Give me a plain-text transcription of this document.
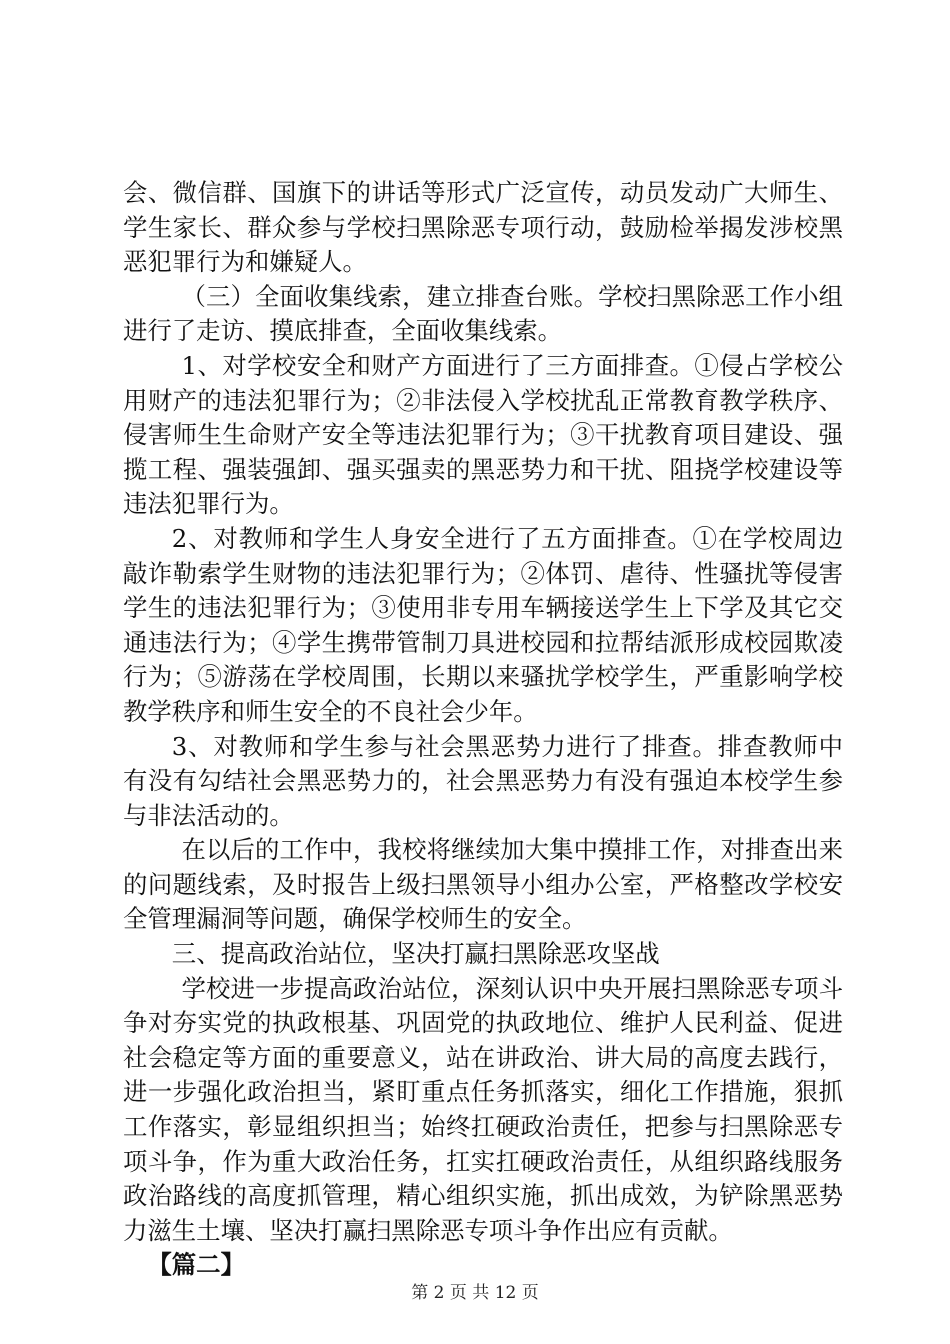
会、微信群、国旗下的讲话等形式广泛宣传，动员发动广大师生、学生家长、群众参与学校扫黑除恶专项行动，鼓励检举揭发涉校黑恶犯罪行为和嫌疑人。

（三）全面收集线索，建立排查台账。学校扫黑除恶工作小组进行了走访、摸底排查，全面收集线索。

1、对学校安全和财产方面进行了三方面排查。①侵占学校公用财产的违法犯罪行为；②非法侵入学校扰乱正常教育教学秩序、侵害师生生命财产安全等违法犯罪行为；③干扰教育项目建设、强揽工程、强装强卸、强买强卖的黑恶势力和干扰、阻挠学校建设等违法犯罪行为。

2、对教师和学生人身安全进行了五方面排查。①在学校周边敲诈勒索学生财物的违法犯罪行为；②体罚、虐待、性骚扰等侵害学生的违法犯罪行为；③使用非专用车辆接送学生上下学及其它交通违法行为；④学生携带管制刀具进校园和拉帮结派形成校园欺凌行为；⑤游荡在学校周围，长期以来骚扰学校学生，严重影响学校教学秩序和师生安全的不良社会少年。

3、对教师和学生参与社会黑恶势力进行了排查。排查教师中有没有勾结社会黑恶势力的，社会黑恶势力有没有强迫本校学生参与非法活动的。

在以后的工作中，我校将继续加大集中摸排工作，对排查出来的问题线索，及时报告上级扫黑领导小组办公室，严格整改学校安全管理漏洞等问题，确保学校师生的安全。

三、提高政治站位，坚决打赢扫黑除恶攻坚战

学校进一步提高政治站位，深刻认识中央开展扫黑除恶专项斗争对夯实党的执政根基、巩固党的执政地位、维护人民利益、促进社会稳定等方面的重要意义，站在讲政治、讲大局的高度去践行，进一步强化政治担当，紧盯重点任务抓落实，细化工作措施，狠抓工作落实，彰显组织担当；始终扛硬政治责任，把参与扫黑除恶专项斗争，作为重大政治任务，扛实扛硬政治责任，从组织路线服务政治路线的高度抓管理，精心组织实施，抓出成效，为铲除黑恶势力滋生土壤、坚决打赢扫黑除恶专项斗争作出应有贡献。

【篇二】

第 2 页 共 12 页
